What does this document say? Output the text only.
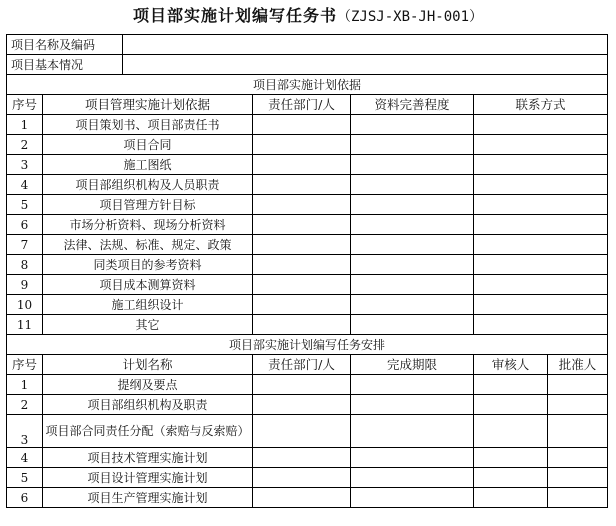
项目部实施计划编写任务书（ZJSJ-XB-JH-001）
项目名称及编码						
项目基本情况						
项目部实施计划依据						
序号	项目管理实施计划依据		责任部门/人	资料完善程度	联系方式	
1	项目策划书、项目部责任书					
2	项目合同					
3	施工图纸					
4	项目部组织机构及人员职责					
5	项目管理方针目标					
6	市场分析资料、现场分析资料					
7	法律、法规、标准、规定、政策					
8	同类项目的参考资料					
9	项目成本测算资料					
10	施工组织设计					
11	其它					
项目部实施计划编写任务安排						
序号	计划名称		责任部门/人	完成期限	审核人	批准人
1	提纲及要点					
2	项目部组织机构及职责					
3	项目部合同责任分配（索赔与反索赔）					
4	项目技术管理实施计划					
5	项目设计管理实施计划					
6	项目生产管理实施计划					
